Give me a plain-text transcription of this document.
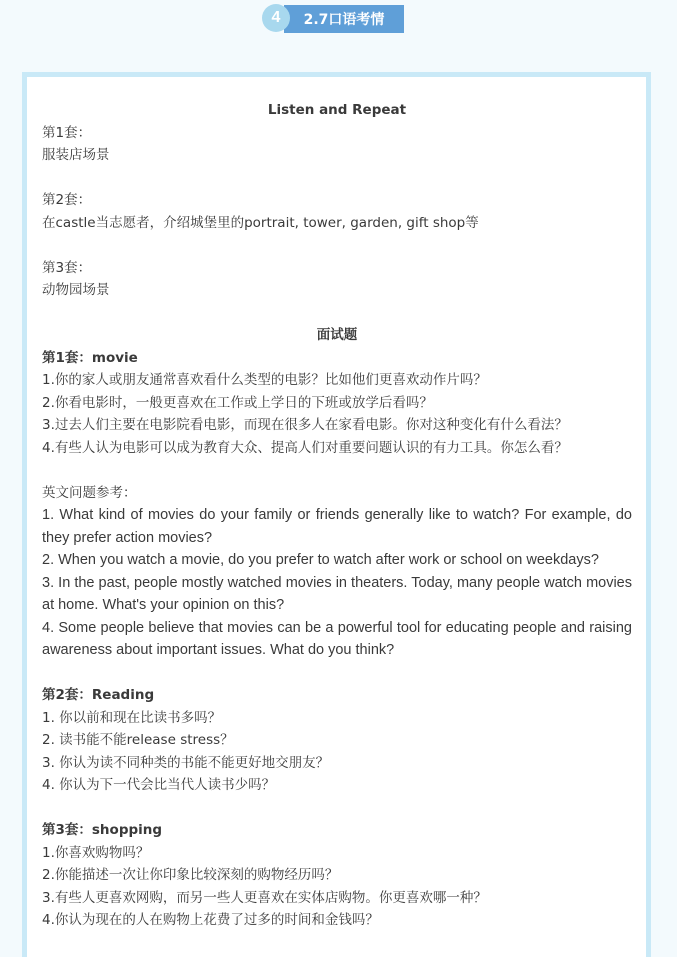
4	2.7口语考情

Listen and Repeat

第1套：

服装店场景

第2套：

在castle当志愿者，介绍城堡里的portrait, tower, garden, gift shop等

第3套：

动物园场景

面试题

第1套：movie

1.你的家人或朋友通常喜欢看什么类型的电影？比如他们更喜欢动作片吗？

2.你看电影时，一般更喜欢在工作或上学日的下班或放学后看吗？

3.过去人们主要在电影院看电影，而现在很多人在家看电影。你对这种变化有什么看法？

4.有些人认为电影可以成为教育大众、提高人们对重要问题认识的有力工具。你怎么看？

英文问题参考：

1. What kind of movies do your family or friends generally like to watch? For example, do they prefer action movies?

2. When you watch a movie, do you prefer to watch after work or school on weekdays?

3. In the past, people mostly watched movies in theaters. Today, many people watch movies at home. What's your opinion on this?

4. Some people believe that movies can be a powerful tool for educating people and raising awareness about important issues. What do you think?

第2套：Reading

1. 你以前和现在比读书多吗？

2. 读书能不能release stress？

3. 你认为读不同种类的书能不能更好地交朋友？

4. 你认为下一代会比当代人读书少吗？

第3套：shopping

1.你喜欢购物吗？

2.你能描述一次让你印象比较深刻的购物经历吗？

3.有些人更喜欢网购，而另一些人更喜欢在实体店购物。你更喜欢哪一种？

4.你认为现在的人在购物上花费了过多的时间和金钱吗？
